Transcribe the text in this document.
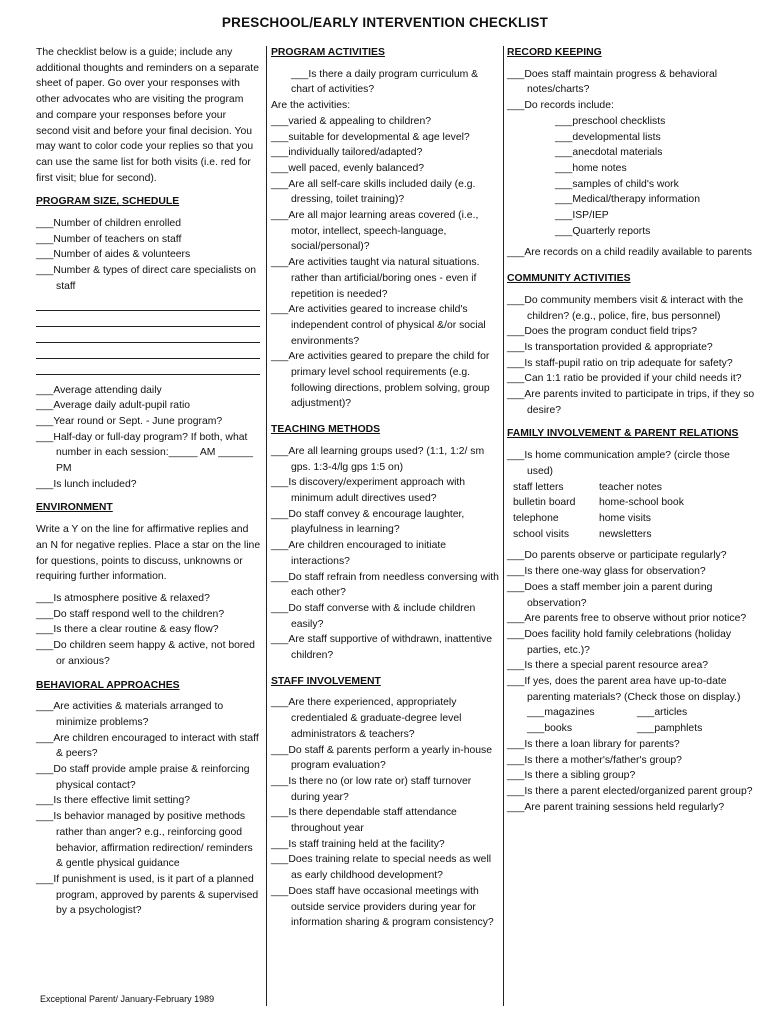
PRESCHOOL/EARLY INTERVENTION CHECKLIST
The checklist below is a guide; include any additional thoughts and reminders on a separate sheet of paper. Go over your responses with other advocates who are visiting the program and compare your responses before your second visit and before your final decision. You may want to color code your replies so that you can use the same list for both visits (i.e. red for first visit; blue for second).
PROGRAM SIZE, SCHEDULE
___Number of children enrolled
___Number of teachers on staff
___Number of aides & volunteers
___Number & types of direct care specialists on staff
___Average attending daily
___Average daily adult-pupil ratio
___Year round or Sept. - June program?
___Half-day or full-day program? If both, what number in each session:_____ AM ______ PM
___Is lunch included?
ENVIRONMENT
Write a Y on the line for affirmative replies and an N for negative replies. Place a star on the line for questions, points to discuss, unknowns or requiring further information.
___Is atmosphere positive & relaxed?
___Do staff respond well to the children?
___Is there a clear routine & easy flow?
___Do children seem happy & active, not bored or anxious?
BEHAVIORAL APPROACHES
___Are activities & materials arranged to minimize problems?
___Are children encouraged to interact with staff & peers?
___Do staff provide ample praise & reinforcing physical contact?
___Is there effective limit setting?
___Is behavior managed by positive methods rather than anger? e.g., reinforcing good behavior, affirmation redirection/ reminders & gentle physical guidance
___If punishment is used, is it part of a planned program, approved by parents & supervised by a psychologist?
PROGRAM ACTIVITIES
___Is there a daily program curriculum & chart of activities?
Are the activities:
___varied & appealing to children?
___suitable for developmental & age level?
___individually tailored/adapted?
___well paced, evenly balanced?
___Are all self-care skills included daily (e.g. dressing, toilet training)?
___Are all major learning areas covered (i.e., motor, intellect, speech-language, social/personal)?
___Are activities taught via natural situations. rather than artificial/boring ones - even if repetition is needed?
___Are activities geared to increase child's independent control of physical &/or social environments?
___Are activities geared to prepare the child for primary level school requirements (e.g. following directions, problem solving, group adjustment)?
TEACHING METHODS
___Are all learning groups used? (1:1, 1:2/ sm gps. 1:3-4/lg gps 1:5 on)
___Is discovery/experiment approach with minimum adult directives used?
___Do staff convey & encourage laughter, playfulness in learning?
___Are children encouraged to initiate interactions?
___Do staff refrain from needless conversing with each other?
___Do staff converse with & include children easily?
___Are staff supportive of withdrawn, inattentive children?
STAFF INVOLVEMENT
___Are there experienced, appropriately credentialed & graduate-degree level administrators & teachers?
___Do staff & parents perform a yearly in-house program evaluation?
___Is there no (or low rate or) staff turnover during year?
___Is there dependable staff attendance throughout year
___Is staff training held at the facility?
___Does training relate to special needs as well as early childhood development?
___Does staff have occasional meetings with outside service providers during year for information sharing & program consistency?
RECORD KEEPING
___Does staff maintain progress & behavioral notes/charts?
___Do records include:
___preschool checklists
___developmental lists
___anecdotal materials
___home notes
___samples of child's work
___Medical/therapy information
___ISP/IEP
___Quarterly reports
___Are records on a child readily available to parents
COMMUNITY ACTIVITIES
___Do community members visit & interact with the children? (e.g., police, fire, bus personnel)
___Does the program conduct field trips?
___Is transportation provided & appropriate?
___Is staff-pupil ratio on trip adequate for safety?
___Can 1:1 ratio be provided if your child needs it?
___Are parents invited to participate in trips, if they so desire?
FAMILY INVOLVEMENT & PARENT RELATIONS
___Is home communication ample? (circle those used)
staff letters	teacher notes
bulletin board	home-school book
telephone	home visits
school visits	newsletters
___Do parents observe or participate regularly?
___Is there one-way glass for observation?
___Does a staff member join a parent during observation?
___Are parents free to observe without prior notice?
___Does facility hold family celebrations (holiday parties, etc.)?
___Is there a special parent resource area?
___If yes, does the parent area have up-to-date parenting materials? (Check those on display.)
___magazines	___articles
___books	___pamphlets
___Is there a loan library for parents?
___Is there a mother's/father's group?
___Is there a sibling group?
___Is there a parent elected/organized parent group?
___Are parent training sessions held regularly?
Exceptional Parent/ January-February 1989
